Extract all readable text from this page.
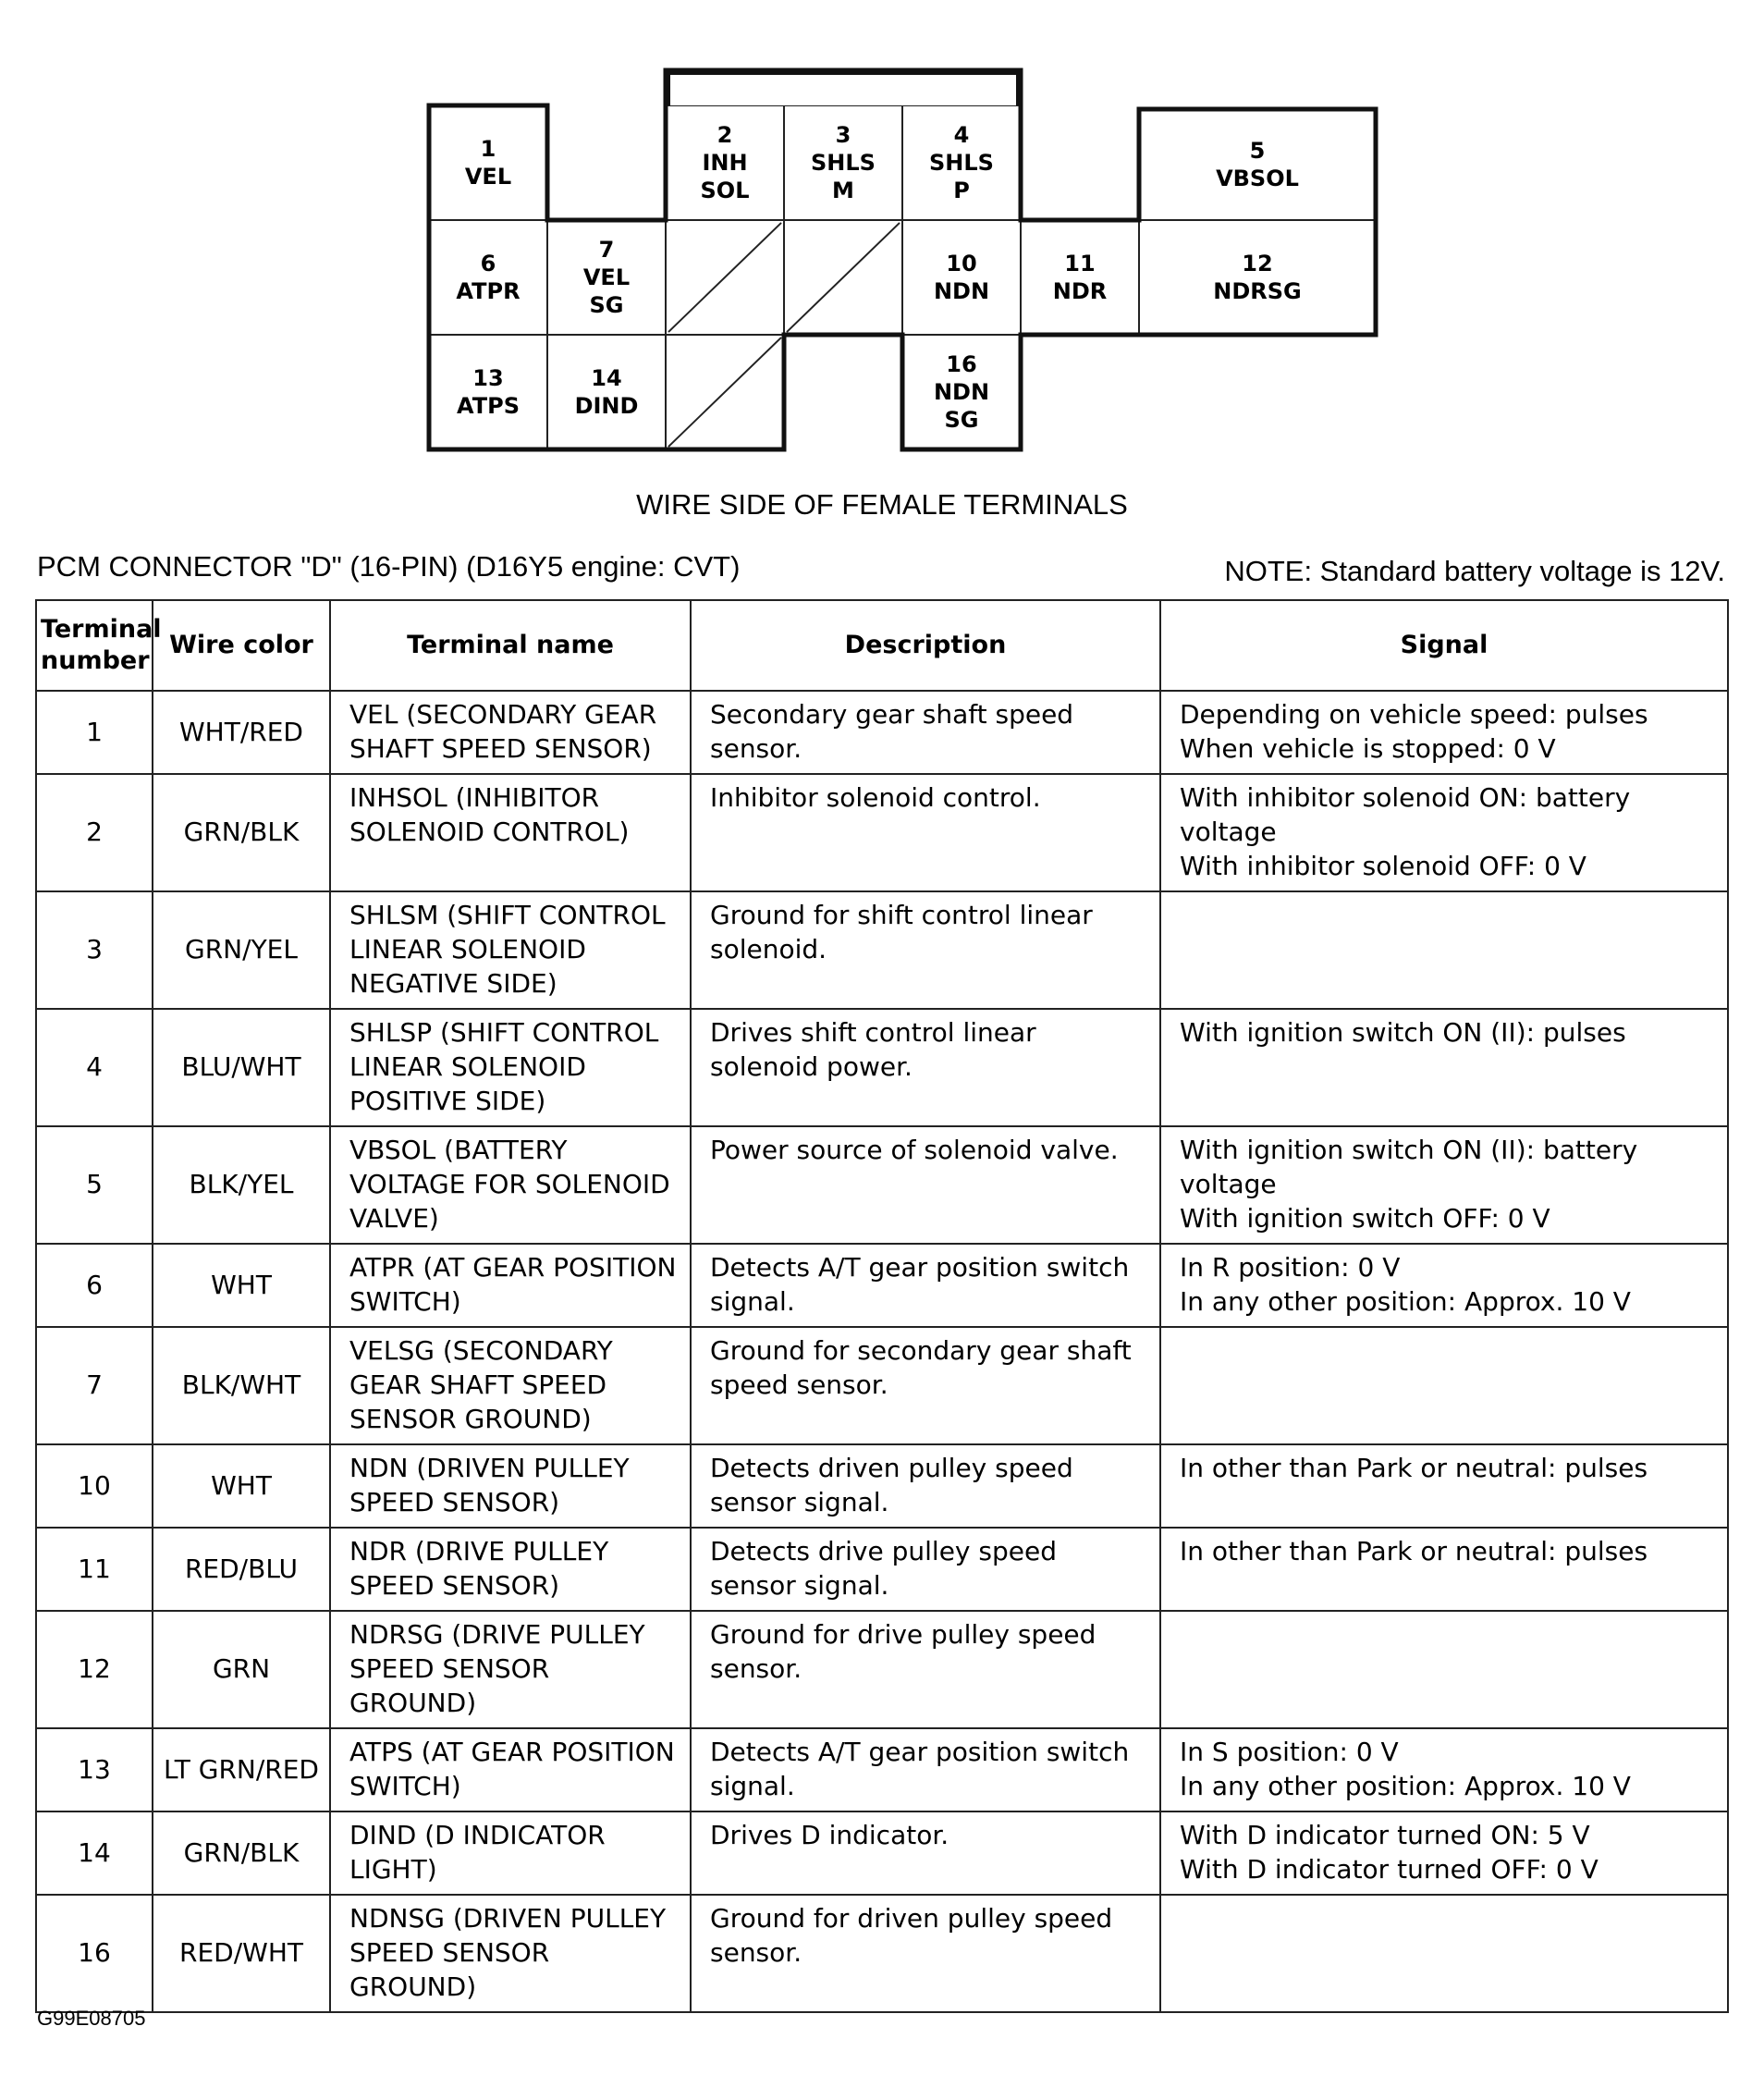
1
VEL
2
INH
SOL
3
SHLS
M
4
SHLS
P
5
VBSOL
6
ATPR
7
VEL
SG
10
NDN
11
NDR
12
NDRSG
13
ATPS
14
DIND
16
NDN
SG
WIRE SIDE OF FEMALE TERMINALS
PCM CONNECTOR "D" (16-PIN) (D16Y5 engine: CVT)	NOTE: Standard battery voltage is 12V.
Terminal
number	Wire color	Terminal name	Description	Signal
1	WHT/RED	VEL (SECONDARY GEAR SHAFT SPEED SENSOR)	Secondary gear shaft speed sensor.	Depending on vehicle speed: pulses
When vehicle is stopped: 0 V
2	GRN/BLK	INHSOL (INHIBITOR SOLENOID CONTROL)	Inhibitor solenoid control.	With inhibitor solenoid ON: battery voltage
With inhibitor solenoid OFF: 0 V
3	GRN/YEL	SHLSM (SHIFT CONTROL LINEAR SOLENOID NEGATIVE SIDE)	Ground for shift control linear solenoid.	
4	BLU/WHT	SHLSP (SHIFT CONTROL LINEAR SOLENOID POSITIVE SIDE)	Drives shift control linear solenoid power.	With ignition switch ON (II): pulses
5	BLK/YEL	VBSOL (BATTERY VOLTAGE FOR SOLENOID VALVE)	Power source of solenoid valve.	With ignition switch ON (II): battery voltage
With ignition switch OFF: 0 V
6	WHT	ATPR (AT GEAR POSITION SWITCH)	Detects A/T gear position switch signal.	In R position: 0 V
In any other position: Approx. 10 V
7	BLK/WHT	VELSG (SECONDARY GEAR SHAFT SPEED SENSOR GROUND)	Ground for secondary gear shaft speed sensor.	
10	WHT	NDN (DRIVEN PULLEY SPEED SENSOR)	Detects driven pulley speed sensor signal.	In other than Park or neutral: pulses
11	RED/BLU	NDR (DRIVE PULLEY SPEED SENSOR)	Detects drive pulley speed sensor signal.	In other than Park or neutral: pulses
12	GRN	NDRSG (DRIVE PULLEY SPEED SENSOR GROUND)	Ground for drive pulley speed sensor.	
13	LT GRN/RED	ATPS (AT GEAR POSITION SWITCH)	Detects A/T gear position switch signal.	In S position: 0 V
In any other position: Approx. 10 V
14	GRN/BLK	DIND (D INDICATOR LIGHT)	Drives D indicator.	With D indicator turned ON: 5 V
With D indicator turned OFF: 0 V
16	RED/WHT	NDNSG (DRIVEN PULLEY SPEED SENSOR GROUND)	Ground for driven pulley speed sensor.	
G99E08705
